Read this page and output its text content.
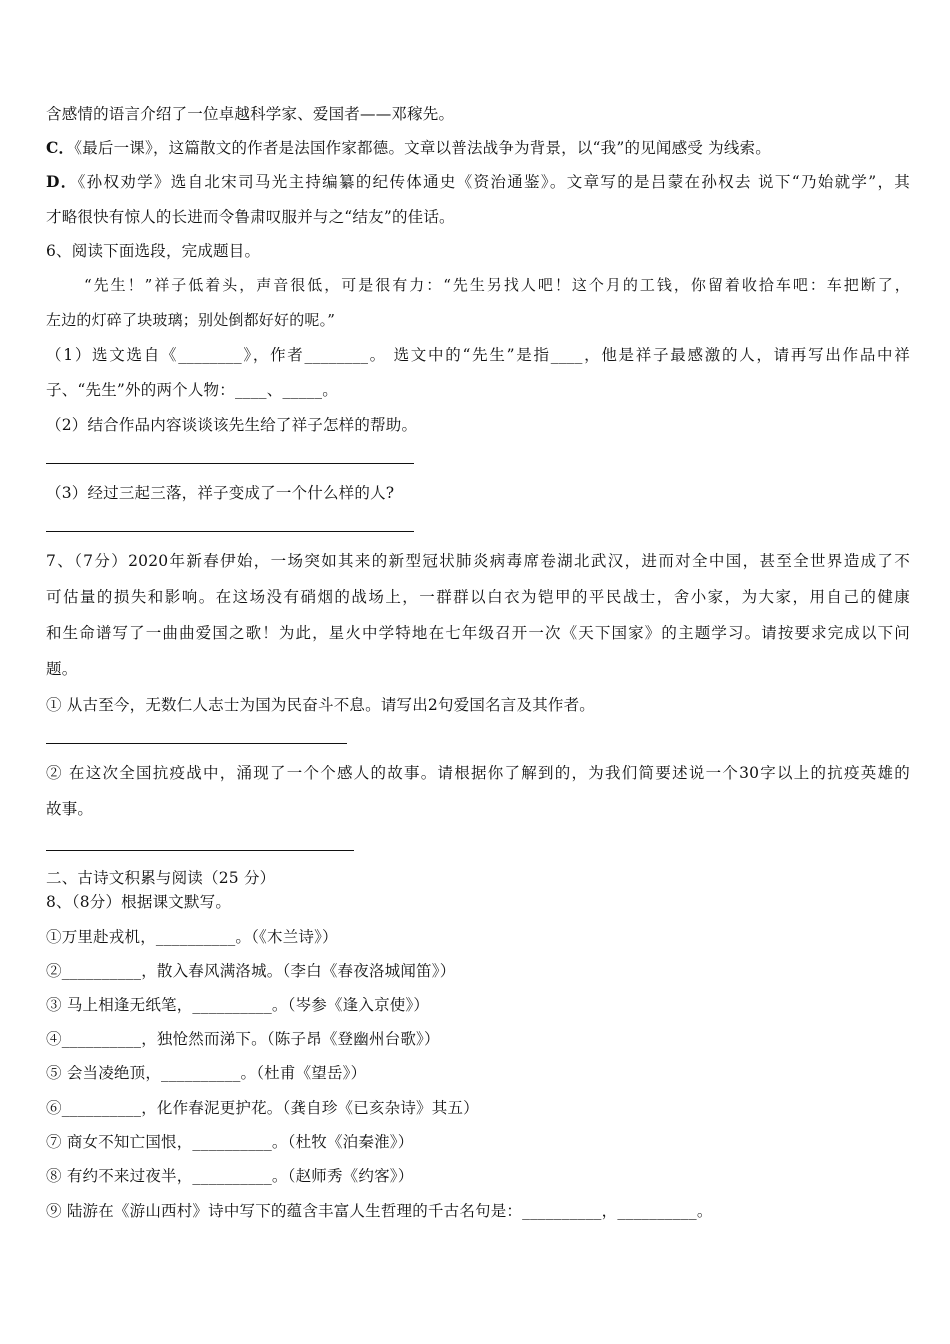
含感情的语言介绍了一位卓越科学家、爱国者——邓稼先。
C．《最后一课》，这篇散文的作者是法国作家都德。文章以普法战争为背景，以“我”的见闻感受 为线索。
D．《孙权劝学》选自北宋司马光主持编纂的纪传体通史《资治通鉴》。文章写的是吕蒙在孙权去 说下“乃始就学”，其
才略很快有惊人的长进而令鲁肃叹服并与之“结友”的佳话。
6、阅读下面选段，完成题目。
“先生！”祥子低着头，声音很低，可是很有力：“先生另找人吧！这个月的工钱，你留着收拾车吧：车把断了，
左边的灯碎了块玻璃；别处倒都好好的呢。”
（1）选文选自《________》，作者________。 选文中的“先生”是指____，他是祥子最感激的人，请再写出作品中祥
子、“先生”外的两个人物：____、_____。
（2）结合作品内容谈谈该先生给了祥子怎样的帮助。
（3）经过三起三落，祥子变成了一个什么样的人?
7、（7分）2020年新春伊始，一场突如其来的新型冠状肺炎病毒席卷湖北武汉，进而对全中国，甚至全世界造成了不
可估量的损失和影响。在这场没有硝烟的战场上，一群群以白衣为铠甲的平民战士，舍小家，为大家，用自己的健康
和生命谱写了一曲曲爱国之歌！为此，星火中学特地在七年级召开一次《天下国家》的主题学习。请按要求完成以下问
题。
① 从古至今，无数仁人志士为国为民奋斗不息。请写出2句爱国名言及其作者。
② 在这次全国抗疫战中，涌现了一个个感人的故事。请根据你了解到的，为我们简要述说一个30字以上的抗疫英雄的
故事。
二、古诗文积累与阅读（25 分）
8、（8分）根据课文默写。
①万里赴戎机，__________。（《木兰诗》）
②__________，散入春风满洛城。（李白《春夜洛城闻笛》）
③ 马上相逢无纸笔，__________。（岑参《逢入京使》）
④__________，独怆然而涕下。（陈子昂《登幽州台歌》）
⑤ 会当凌绝顶，__________。（杜甫《望岳》）
⑥__________，化作春泥更护花。（龚自珍《已亥杂诗》其五）
⑦ 商女不知亡国恨，__________。（杜牧《泊秦淮》）
⑧ 有约不来过夜半，__________。（赵师秀《约客》）
⑨ 陆游在《游山西村》诗中写下的蕴含丰富人生哲理的千古名句是：__________，__________。
